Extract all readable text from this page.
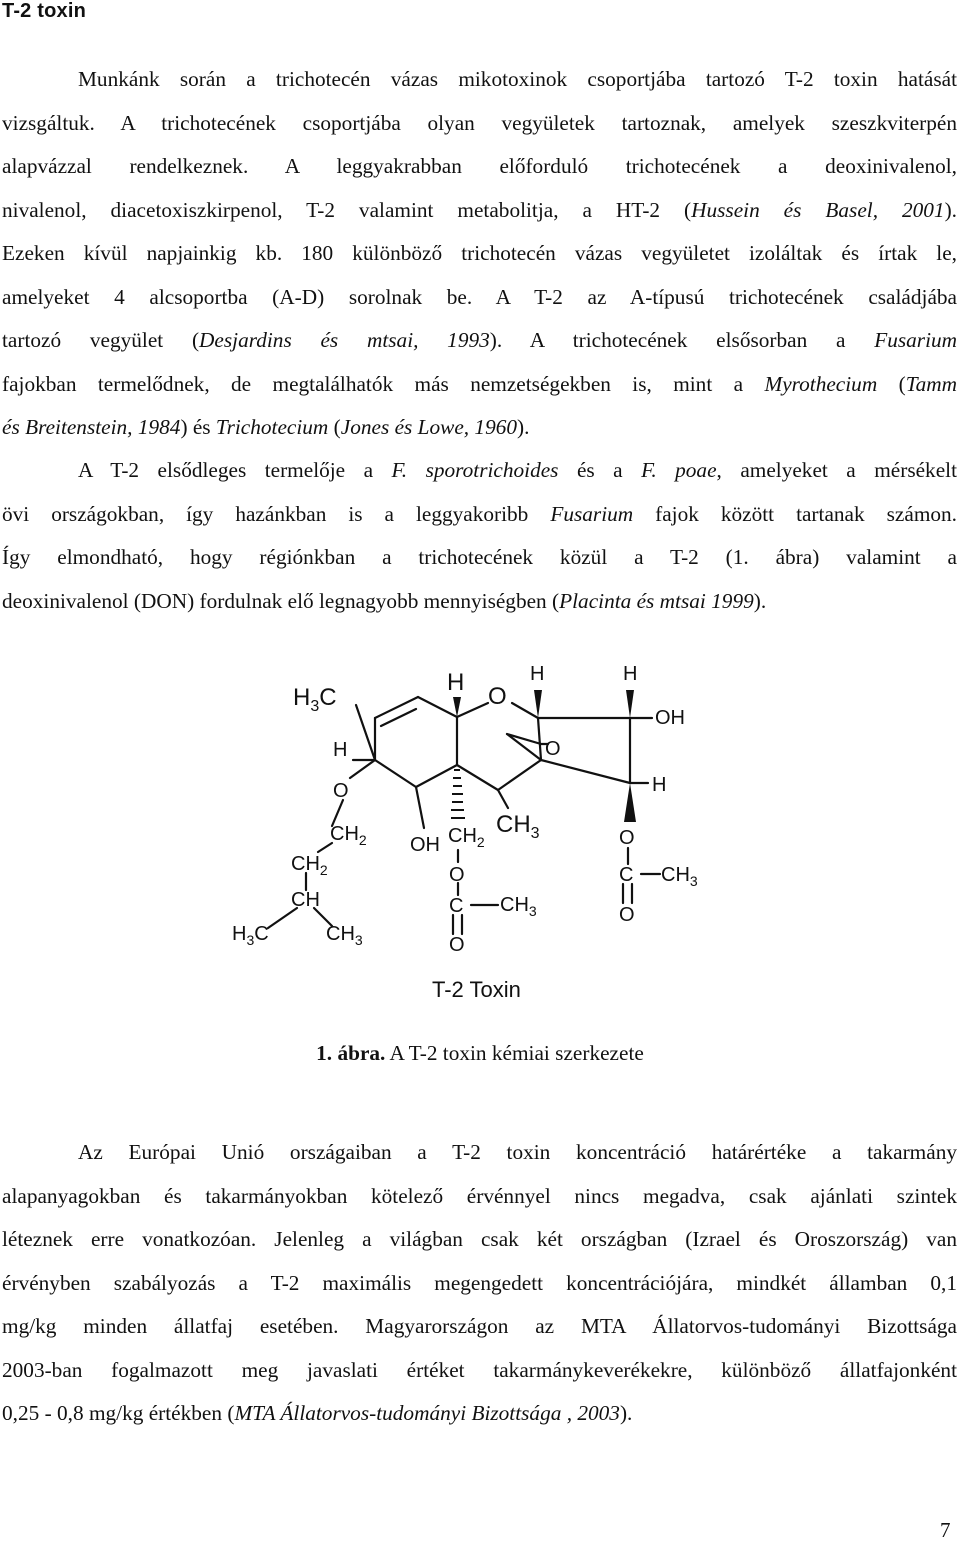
T-2 toxin
Munkánk során a trichotecén vázas mikotoxinok csoportjába tartozó T-2 toxin hatását
vizsgáltuk. A trichotecének csoportjába olyan vegyületek tartoznak, amelyek szeszkviterpén
alapvázzal rendelkeznek. A leggyakrabban előforduló trichotecének a deoxinivalenol,
nivalenol, diacetoxiszkirpenol, T-2 valamint metabolitja, a HT-2 (Hussein és Basel, 2001).
Ezeken kívül napjainkig kb. 180 különböző trichotecén vázas vegyületet izoláltak és írtak le,
amelyeket 4 alcsoportba (A-D) sorolnak be. A T-2 az A-típusú trichotecének családjába
tartozó vegyület (Desjardins és mtsai, 1993). A trichotecének elsősorban a Fusarium
fajokban termelődnek, de megtalálhatók más nemzetségekben is, mint a Myrothecium (Tamm
és Breitenstein, 1984) és Trichotecium (Jones és Lowe, 1960).
A T-2 elsődleges termelője a F. sporotrichoides és a F. poae, amelyeket a mérsékelt
övi országokban, így hazánkban is a leggyakoribb Fusarium fajok között tartanak számon.
Így elmondható, hogy régiónkban a trichotecének közül a T-2 (1. ábra) valamint a
deoxinivalenol (DON) fordulnak elő legnagyobb mennyiségben (Placinta és mtsai 1999).
$H_3C$
H
O
H	H
OH
H	O
H
O
$CH_2$ OH $CH_2$
$CH_3$	O
$CH_2$	O	C $CH_3$
CH	C $CH_3$	O
$H_3C$	$CH_3$	O
T-2 Toxin
1. ábra. A T-2 toxin kémiai szerkezete
Az Európai Unió országaiban a T-2 toxin koncentráció határértéke a takarmány
alapanyagokban és takarmányokban kötelező érvénnyel nincs megadva, csak ajánlati szintek
léteznek erre vonatkozóan. Jelenleg a világban csak két országban (Izrael és Oroszország) van
érvényben szabályozás a T-2 maximális megengedett koncentrációjára, mindkét államban 0,1
mg/kg minden állatfaj esetében. Magyarországon az MTA Állatorvos-tudományi Bizottsága
2003-ban fogalmazott meg javaslati értéket takarmánykeverékekre, különböző állatfajonként
0,25 - 0,8 mg/kg értékben (MTA Állatorvos-tudományi Bizottsága , 2003).
7
